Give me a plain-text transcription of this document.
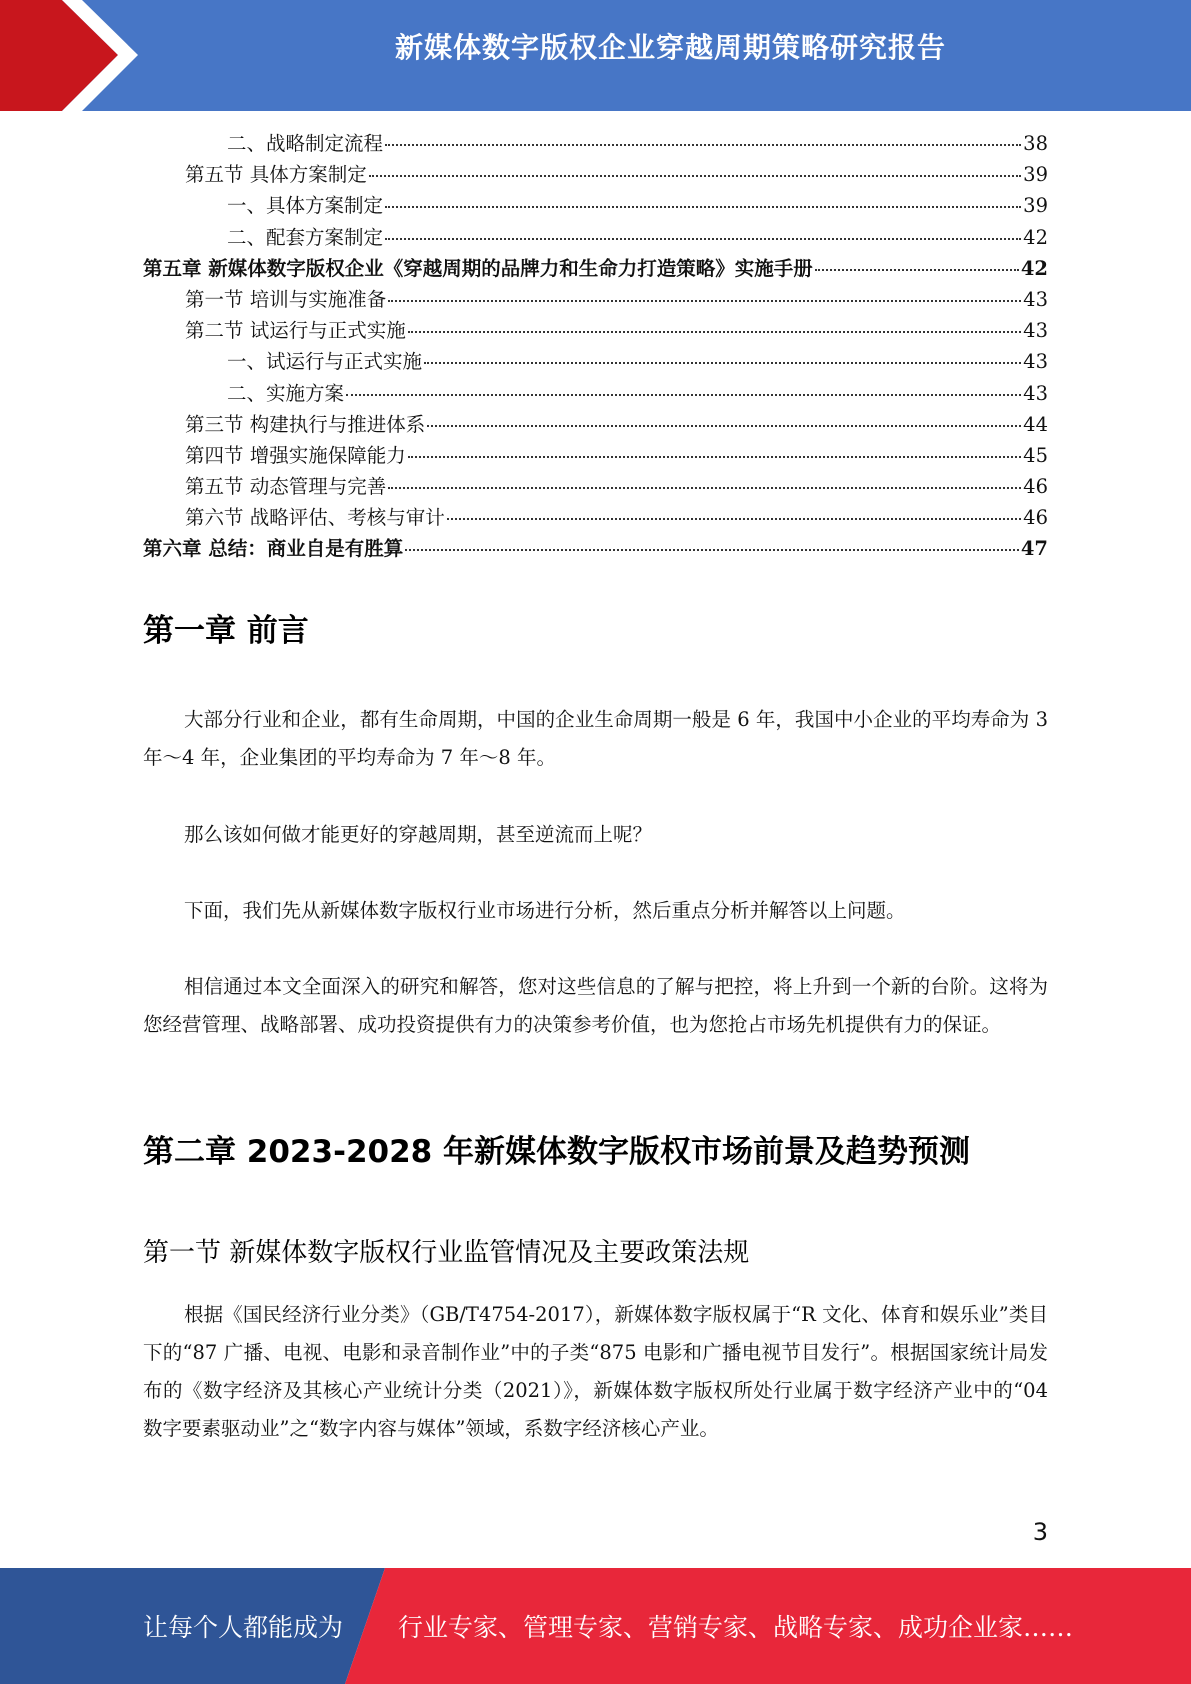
新媒体数字版权企业穿越周期策略研究报告
二、战略制定流程	38
第五节 具体方案制定	39
一、具体方案制定	39
二、配套方案制定	42
第五章 新媒体数字版权企业《穿越周期的品牌力和生命力打造策略》实施手册	42
第一节 培训与实施准备	43
第二节 试运行与正式实施	43
一、试运行与正式实施	43
二、实施方案	43
第三节 构建执行与推进体系	44
第四节 增强实施保障能力	45
第五节 动态管理与完善	46
第六节 战略评估、考核与审计	46
第六章 总结：商业自是有胜算	47
第一章 前言
大部分行业和企业，都有生命周期，中国的企业生命周期一般是 6 年，我国中小企业的平均寿命为 3 年～4 年，企业集团的平均寿命为 7 年～8 年。
那么该如何做才能更好的穿越周期，甚至逆流而上呢？
下面，我们先从新媒体数字版权行业市场进行分析，然后重点分析并解答以上问题。
相信通过本文全面深入的研究和解答，您对这些信息的了解与把控，将上升到一个新的台阶。这将为您经营管理、战略部署、成功投资提供有力的决策参考价值，也为您抢占市场先机提供有力的保证。
第二章 2023-2028 年新媒体数字版权市场前景及趋势预测
第一节 新媒体数字版权行业监管情况及主要政策法规
根据《国民经济行业分类》（GB/T4754-2017），新媒体数字版权属于“R 文化、体育和娱乐业”类目下的“87 广播、电视、电影和录音制作业”中的子类“875 电影和广播电视节目发行”。根据国家统计局发布的《数字经济及其核心产业统计分类（2021）》，新媒体数字版权所处行业属于数字经济产业中的“04 数字要素驱动业”之“数字内容与媒体”领域，系数字经济核心产业。
3
让每个人都能成为 行业专家、管理专家、营销专家、战略专家、成功企业家……
